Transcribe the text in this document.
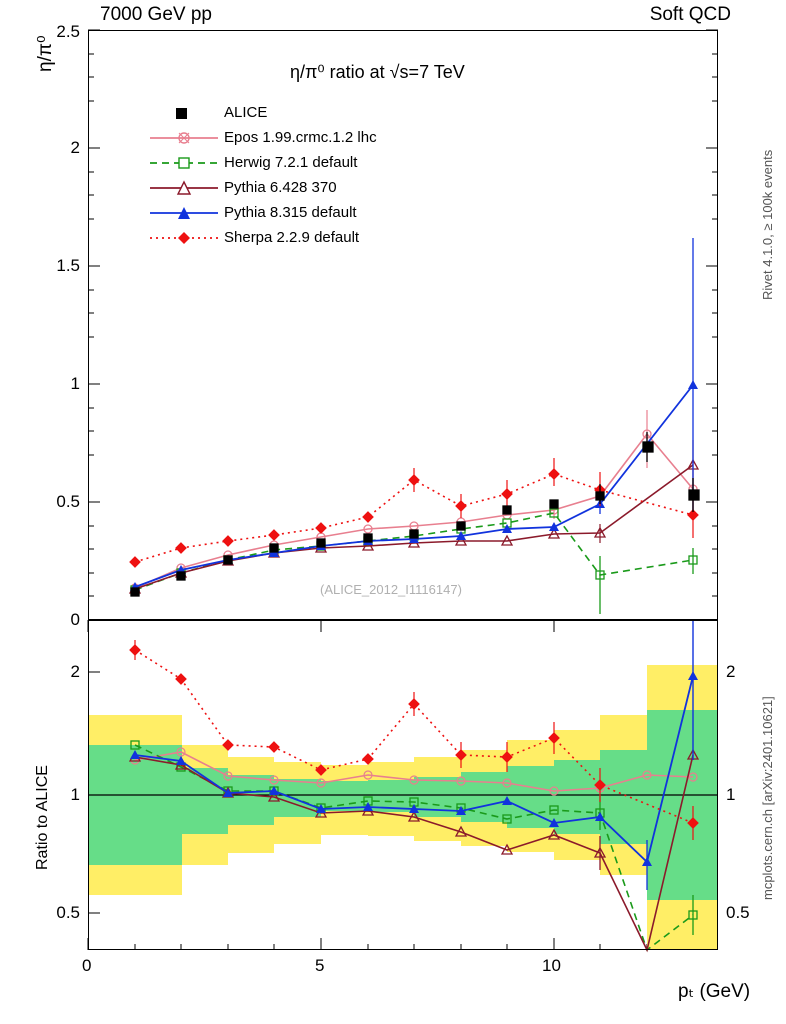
7000 GeV pp	Soft QCD
Rivet 4.1.0, ≥ 100k events
mcplots.cern.ch [arXiv:2401.10621]
η/π⁰
Ratio to ALICE
pₜ (GeV)
η/π⁰ ratio at √s=7 TeV
(ALICE_2012_I1116147)
0
0.5
1
1.5
2
2.5
2
1
0.5
2
1
0.5
0	5	10
ALICE
Epos 1.99.crmc.1.2 lhc
Herwig 7.2.1 default
Pythia 6.428 370
Pythia 8.315 default
Sherpa 2.2.9 default
